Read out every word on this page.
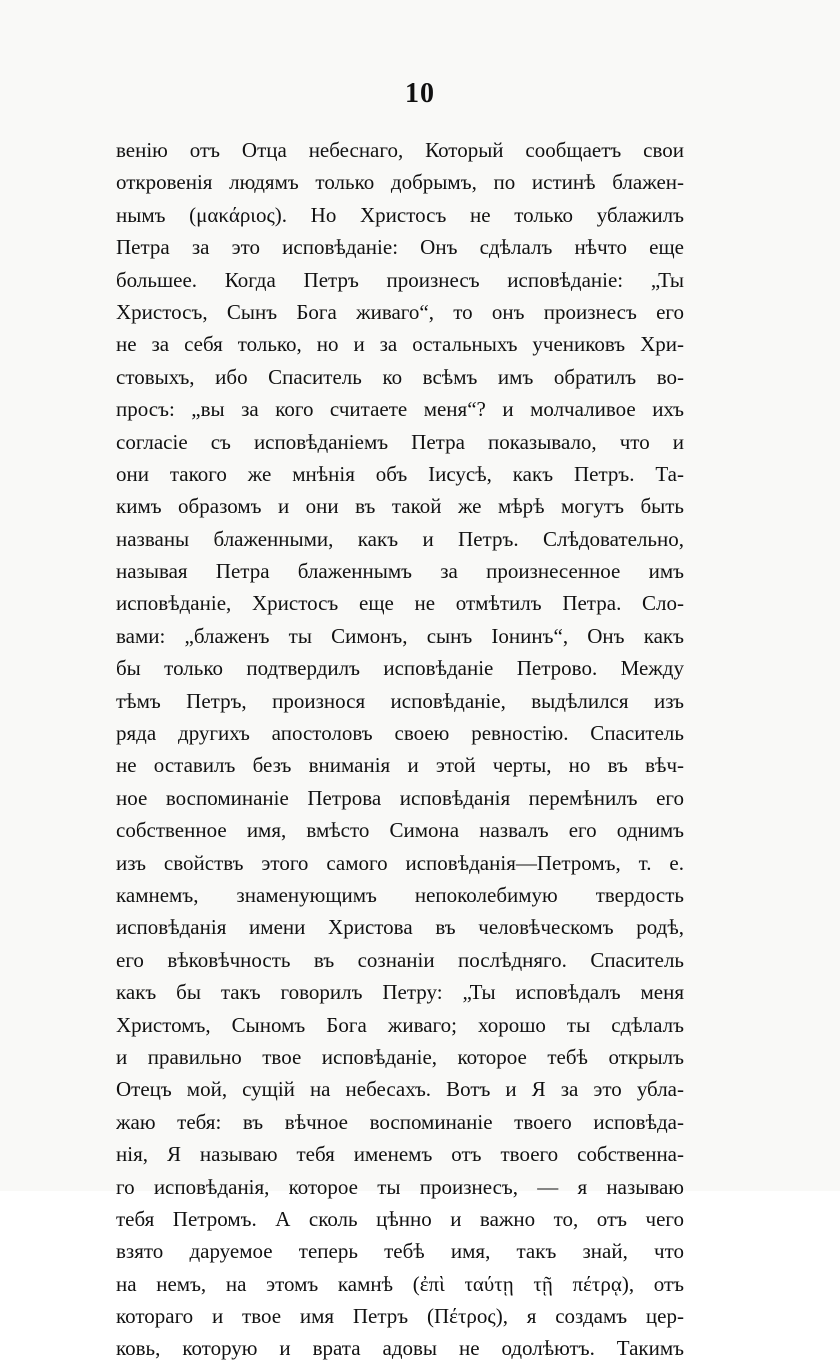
10
венію отъ Отца небеснаго, Который сообщаетъ свои
откровенія людямъ только добрымъ, по истинѣ блажен-
нымъ (μακάριος). Но Христосъ не только ублажилъ
Петра за это исповѣданіе: Онъ сдѣлалъ нѣчто еще
большее. Когда Петръ произнесъ исповѣданіе: „Ты
Христосъ, Сынъ Бога живаго“, то онъ произнесъ его
не за себя только, но и за остальныхъ учениковъ Хри-
стовыхъ, ибо Спаситель ко всѣмъ имъ обратилъ во-
просъ: „вы за кого считаете меня“? и молчаливое ихъ
согласіе съ исповѣданіемъ Петра показывало, что и
они такого же мнѣнія объ Іисусѣ, какъ Петръ. Та-
кимъ образомъ и они въ такой же мѣрѣ могутъ быть
названы блаженными, какъ и Петръ. Слѣдовательно,
называя Петра блаженнымъ за произнесенное имъ
исповѣданіе, Христосъ еще не отмѣтилъ Петра. Сло-
вами: „блаженъ ты Симонъ, сынъ Іонинъ“, Онъ какъ
бы только подтвердилъ исповѣданіе Петрово. Между
тѣмъ Петръ, произнося исповѣданіе, выдѣлился изъ
ряда другихъ апостоловъ своею ревностію. Спаситель
не оставилъ безъ вниманія и этой черты, но въ вѣч-
ное воспоминаніе Петрова исповѣданія перемѣнилъ его
собственное имя, вмѣсто Симона назвалъ его однимъ
изъ свойствъ этого самого исповѣданія—Петромъ, т. е.
камнемъ, знаменующимъ непоколебимую твердость
исповѣданія имени Христова въ человѣческомъ родѣ,
его вѣковѣчность въ сознаніи послѣдняго. Спаситель
какъ бы такъ говорилъ Петру: „Ты исповѣдалъ меня
Христомъ, Сыномъ Бога живаго; хорошо ты сдѣлалъ
и правильно твое исповѣданіе, которое тебѣ открылъ
Отецъ мой, сущій на небесахъ. Вотъ и Я за это убла-
жаю тебя: въ вѣчное воспоминаніе твоего исповѣда-
нія, Я называю тебя именемъ отъ твоего собственна-
го исповѣданія, которое ты произнесъ, — я называю
тебя Петромъ. А сколь цѣнно и важно то, отъ чего
взято даруемое теперь тебѣ имя, такъ знай, что
на немъ, на этомъ камнѣ (ἐπὶ ταύτῃ τῇ πέτρᾳ), отъ
котораго и твое имя Петръ (Πέτρος), я создамъ цер-
ковь, которую и врата адовы не одолѣютъ. Такимъ
